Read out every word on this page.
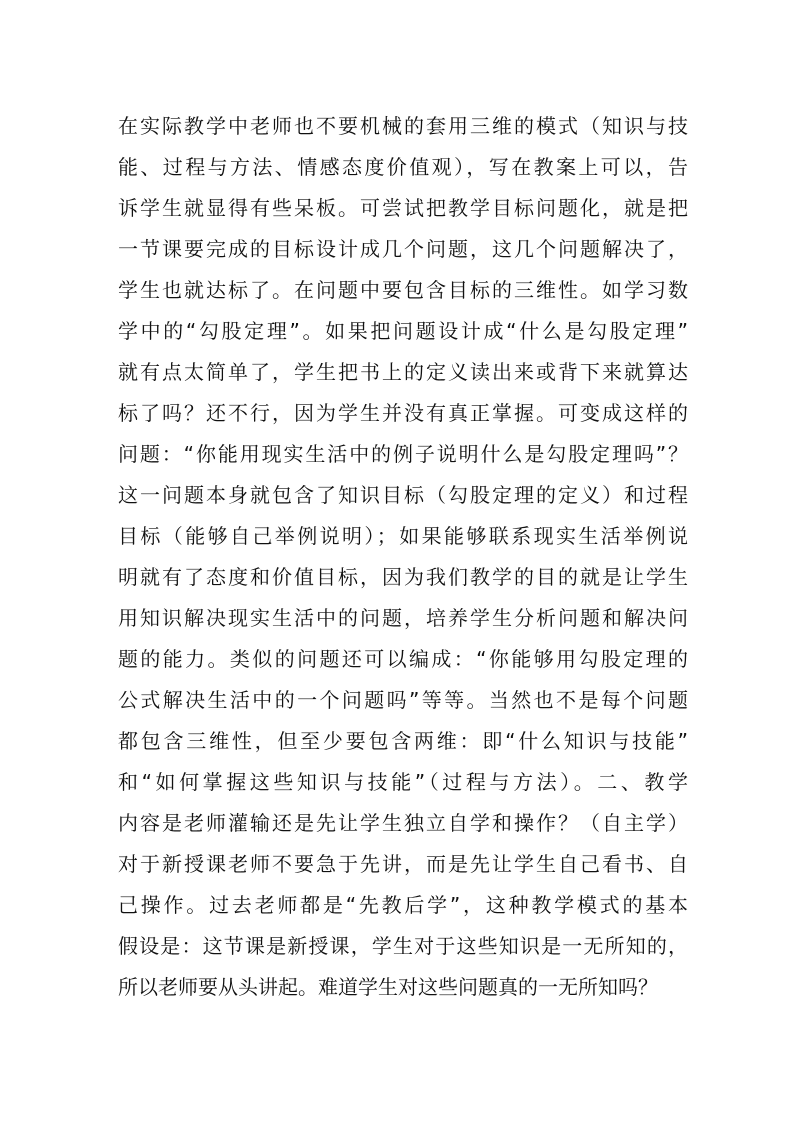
在实际教学中老师也不要机械的套用三维的模式（知识与技
能、过程与方法、情感态度价值观），写在教案上可以，告
诉学生就显得有些呆板。可尝试把教学目标问题化，就是把
一节课要完成的目标设计成几个问题，这几个问题解决了，
学生也就达标了。在问题中要包含目标的三维性。如学习数
学中的“勾股定理”。如果把问题设计成“什么是勾股定理”
就有点太简单了，学生把书上的定义读出来或背下来就算达
标了吗？还不行，因为学生并没有真正掌握。可变成这样的
问题：“你能用现实生活中的例子说明什么是勾股定理吗”？
这一问题本身就包含了知识目标（勾股定理的定义）和过程
目标（能够自己举例说明）；如果能够联系现实生活举例说
明就有了态度和价值目标，因为我们教学的目的就是让学生
用知识解决现实生活中的问题，培养学生分析问题和解决问
题的能力。类似的问题还可以编成：“你能够用勾股定理的
公式解决生活中的一个问题吗”等等。当然也不是每个问题
都包含三维性，但至少要包含两维：即“什么知识与技能”
和“如何掌握这些知识与技能”（过程与方法）。二、教学
内容是老师灌输还是先让学生独立自学和操作？（自主学）
对于新授课老师不要急于先讲，而是先让学生自己看书、自
己操作。过去老师都是“先教后学”，这种教学模式的基本
假设是：这节课是新授课，学生对于这些知识是一无所知的，
所以老师要从头讲起。难道学生对这些问题真的一无所知吗？
